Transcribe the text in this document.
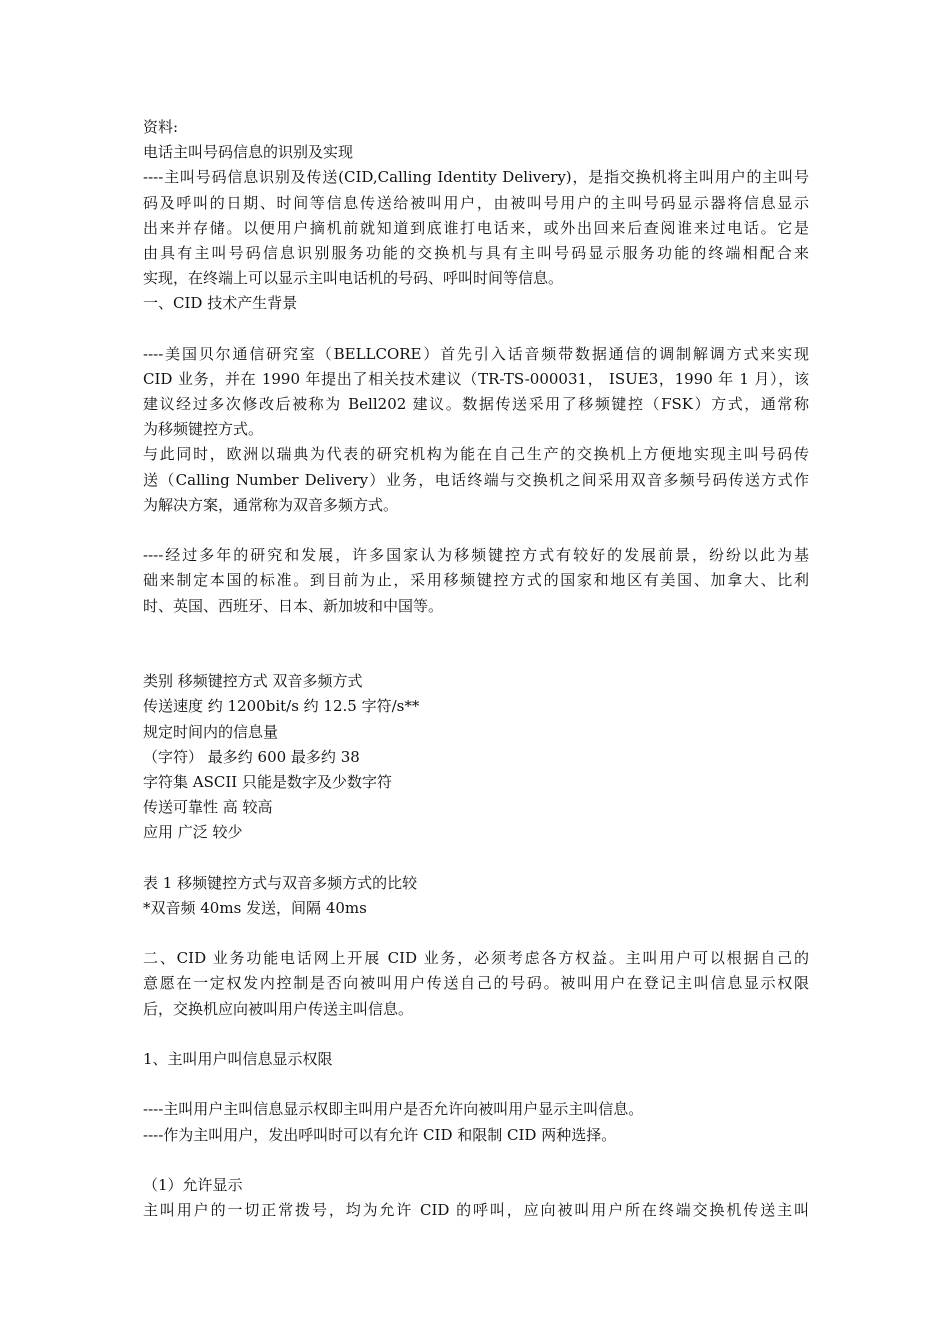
资料:
电话主叫号码信息的识别及实现
----主叫号码信息识别及传送(CID,Calling Identity Delivery)，是指交换机将主叫用户的主叫号
码及呼叫的日期、时间等信息传送给被叫用户，由被叫号用户的主叫号码显示器将信息显示
出来并存储。以便用户摘机前就知道到底谁打电话来，或外出回来后查阅谁来过电话。它是
由具有主叫号码信息识别服务功能的交换机与具有主叫号码显示服务功能的终端相配合来
实现，在终端上可以显示主叫电话机的号码、呼叫时间等信息。
一、CID 技术产生背景
----美国贝尔通信研究室（BELLCORE）首先引入话音频带数据通信的调制解调方式来实现
CID 业务，并在 1990 年提出了相关技术建议（TR-TS-000031， ISUE3，1990 年 1 月），该
建议经过多次修改后被称为 Bell202 建议。数据传送采用了移频键控（FSK）方式，通常称
为移频键控方式。
与此同时，欧洲以瑞典为代表的研究机构为能在自己生产的交换机上方便地实现主叫号码传
送（Calling Number Delivery）业务，电话终端与交换机之间采用双音多频号码传送方式作
为解决方案，通常称为双音多频方式。
----经过多年的研究和发展，许多国家认为移频键控方式有较好的发展前景，纷纷以此为基
础来制定本国的标准。到目前为止，采用移频键控方式的国家和地区有美国、加拿大、比利
时、英国、西班牙、日本、新加坡和中国等。
类别 移频键控方式 双音多频方式
传送速度 约 1200bit/s 约 12.5 字符/s**
规定时间内的信息量
（字符） 最多约 600 最多约 38
字符集 ASCII 只能是数字及少数字符
传送可靠性 高 较高
应用 广泛 较少
表 1 移频键控方式与双音多频方式的比较
*双音频 40ms 发送，间隔 40ms
二、CID 业务功能电话网上开展 CID 业务，必须考虑各方权益。主叫用户可以根据自己的
意愿在一定权发内控制是否向被叫用户传送自己的号码。被叫用户在登记主叫信息显示权限
后，交换机应向被叫用户传送主叫信息。
1、主叫用户叫信息显示权限
----主叫用户主叫信息显示权即主叫用户是否允许向被叫用户显示主叫信息。
----作为主叫用户，发出呼叫时可以有允许 CID 和限制 CID 两种选择。
（1）允许显示
主叫用户的一切正常拨号，均为允许 CID 的呼叫，应向被叫用户所在终端交换机传送主叫
